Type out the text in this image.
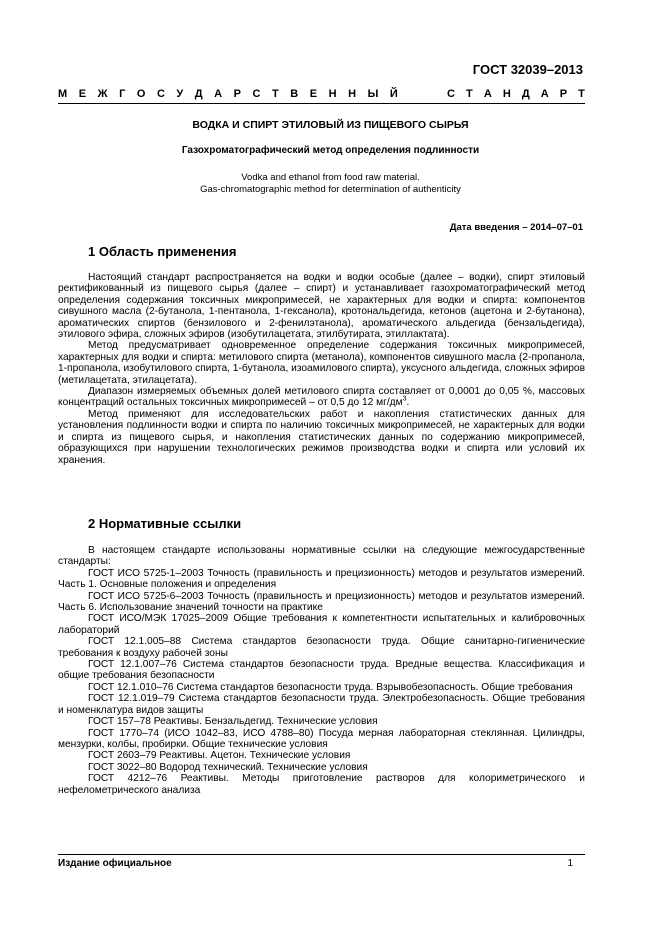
ГОСТ 32039–2013
М Е Ж Г О С У Д А Р С Т В Е Н Н Ы Й	С Т А Н Д А Р Т
ВОДКА И СПИРТ ЭТИЛОВЫЙ ИЗ ПИЩЕВОГО СЫРЬЯ
Газохроматографический метод определения подлинности
Vodka and ethanol from food raw material.
Gas-chromatographic method for determination of authenticity
Дата введения – 2014–07–01
1 Область применения

Настоящий стандарт распространяется на водки и водки особые (далее – водки), спирт этиловый ректификованный из пищевого сырья (далее – спирт) и устанавливает газохроматографический метод определения содержания токсичных микропримесей, не характерных для водки и спирта: компонентов сивушного масла (2-бутанола, 1-пентанола, 1-гексанола), кротональдегида, кетонов (ацетона и 2-бутанона), ароматических спиртов (бензилового и 2-фенилэтанола), ароматического альдегида (бензальдегида), этилового эфира, сложных эфиров (изобутилацетата, этилбутирата, этиллактата).

Метод предусматривает одновременное определение содержания токсичных микропримесей, характерных для водки и спирта: метилового спирта (метанола), компонентов сивушного масла (2-пропанола, 1-пропанола, изобутилового спирта, 1-бутанола, изоамилового спирта), уксусного альдегида, сложных эфиров (метилацетата, этилацетата).

Диапазон измеряемых объемных долей метилового спирта составляет от 0,0001 до 0,05 %, массовых концентраций остальных токсичных микропримесей – от 0,5 до 12 $мг/дм^3$.

Метод применяют для исследовательских работ и накопления статистических данных для установления подлинности водки и спирта по наличию токсичных микропримесей, не характерных для водки и спирта из пищевого сырья, и накопления статистических данных по содержанию микропримесей, образующихся при нарушении технологических режимов производства водки и спирта или условий их хранения.

2 Нормативные ссылки

В настоящем стандарте использованы нормативные ссылки на следующие межгосударственные стандарты:

ГОСТ ИСО 5725-1–2003 Точность (правильность и прецизионность) методов и результатов измерений. Часть 1. Основные положения и определения

ГОСТ ИСО 5725-6–2003 Точность (правильность и прецизионность) методов и результатов измерений. Часть 6. Использование значений точности на практике

ГОСТ ИСО/МЭК 17025–2009 Общие требования к компетентности испытательных и калибровочных лабораторий

ГОСТ 12.1.005–88 Система стандартов безопасности труда. Общие санитарно-гигиенические требования к воздуху рабочей зоны

ГОСТ 12.1.007–76 Система стандартов безопасности труда. Вредные вещества. Классификация и общие требования безопасности

ГОСТ 12.1.010–76 Система стандартов безопасности труда. Взрывобезопасность. Общие требования

ГОСТ 12.1.019–79 Система стандартов безопасности труда. Электробезопасность. Общие требования и номенклатура видов защиты

ГОСТ 157–78 Реактивы. Бензальдегид. Технические условия

ГОСТ 1770–74 (ИСО 1042–83, ИСО 4788–80) Посуда мерная лабораторная стеклянная. Цилиндры, мензурки, колбы, пробирки. Общие технические условия

ГОСТ 2603–79 Реактивы. Ацетон. Технические условия

ГОСТ 3022–80 Водород технический. Технические условия

ГОСТ 4212–76 Реактивы. Методы приготовление растворов для колориметрического и нефелометрического анализа

Издание официальное	1
